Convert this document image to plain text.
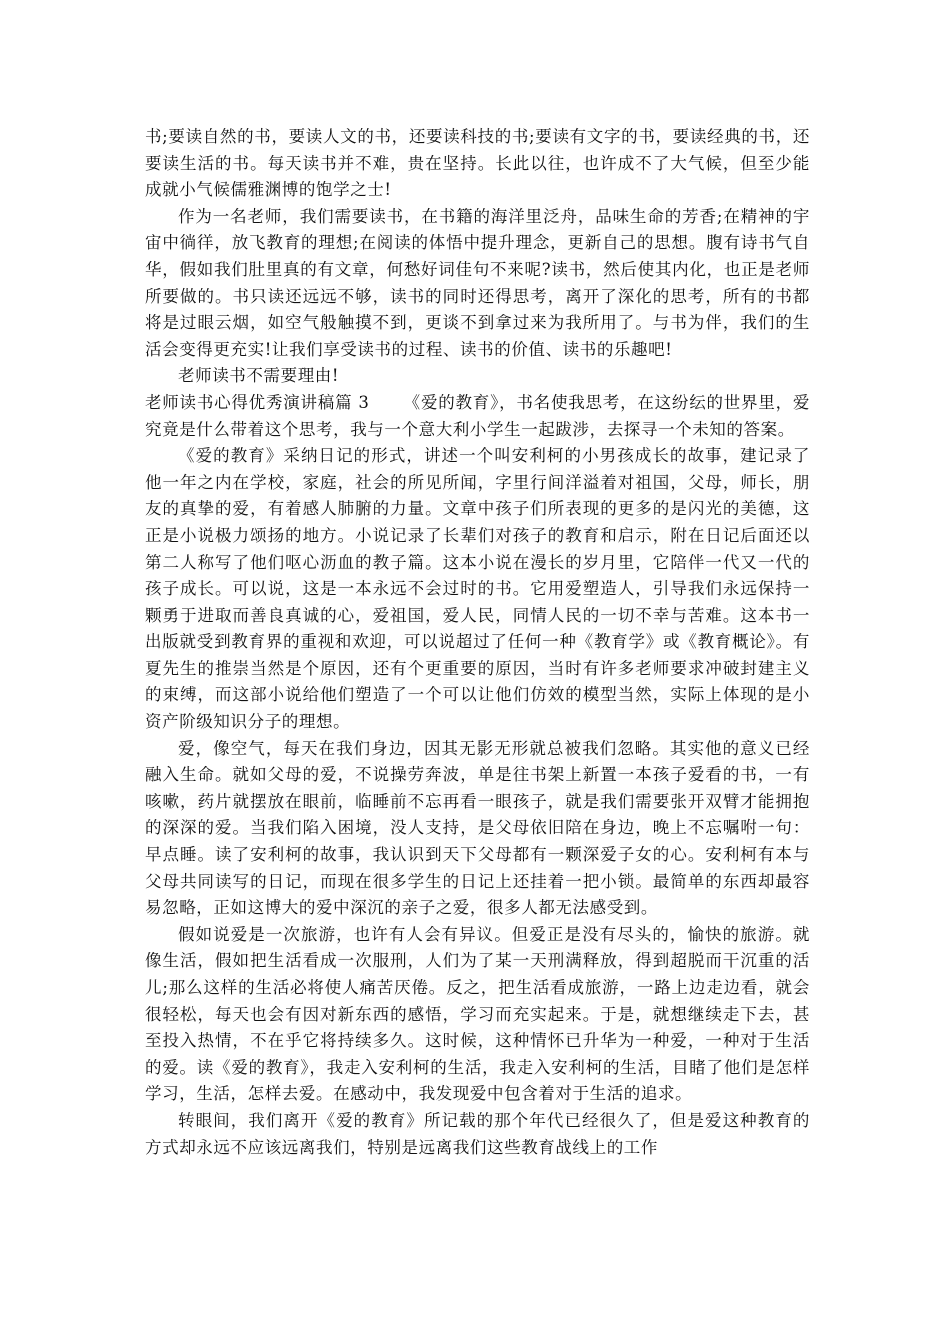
书;要读自然的书，要读人文的书，还要读科技的书;要读有文字的书，要读经典的书，还要读生活的书。每天读书并不难，贵在坚持。长此以往，也许成不了大气候，但至少能成就小气候儒雅渊博的饱学之士!

作为一名老师，我们需要读书，在书籍的海洋里泛舟，品味生命的芳香;在精神的宇宙中徜徉，放飞教育的理想;在阅读的体悟中提升理念，更新自己的思想。腹有诗书气自华，假如我们肚里真的有文章，何愁好词佳句不来呢?读书，然后使其内化，也正是老师所要做的。书只读还远远不够，读书的同时还得思考，离开了深化的思考，所有的书都将是过眼云烟，如空气般触摸不到，更谈不到拿过来为我所用了。与书为伴，我们的生活会变得更充实!让我们享受读书的过程、读书的价值、读书的乐趣吧!

老师读书不需要理由!

老师读书心得优秀演讲稿篇 3 《爱的教育》，书名使我思考，在这纷纭的世界里，爱究竟是什么带着这个思考，我与一个意大利小学生一起跋涉，去探寻一个未知的答案。

《爱的教育》采纳日记的形式，讲述一个叫安利柯的小男孩成长的故事，建记录了他一年之内在学校，家庭，社会的所见所闻，字里行间洋溢着对祖国，父母，师长，朋友的真挚的爱，有着感人肺腑的力量。文章中孩子们所表现的更多的是闪光的美德，这正是小说极力颂扬的地方。小说记录了长辈们对孩子的教育和启示，附在日记后面还以第二人称写了他们呕心沥血的教子篇。这本小说在漫长的岁月里，它陪伴一代又一代的孩子成长。可以说，这是一本永远不会过时的书。它用爱塑造人，引导我们永远保持一颗勇于进取而善良真诚的心，爱祖国，爱人民，同情人民的一切不幸与苦难。这本书一出版就受到教育界的重视和欢迎，可以说超过了任何一种《教育学》或《教育概论》。有夏先生的推崇当然是个原因，还有个更重要的原因，当时有许多老师要求冲破封建主义的束缚，而这部小说给他们塑造了一个可以让他们仿效的模型当然，实际上体现的是小资产阶级知识分子的理想。

爱，像空气，每天在我们身边，因其无影无形就总被我们忽略。其实他的意义已经融入生命。就如父母的爱，不说操劳奔波，单是往书架上新置一本孩子爱看的书，一有咳嗽，药片就摆放在眼前，临睡前不忘再看一眼孩子，就是我们需要张开双臂才能拥抱的深深的爱。当我们陷入困境，没人支持，是父母依旧陪在身边，晚上不忘嘱咐一句：早点睡。读了安利柯的故事，我认识到天下父母都有一颗深爱子女的心。安利柯有本与父母共同读写的日记，而现在很多学生的日记上还挂着一把小锁。最简单的东西却最容易忽略，正如这博大的爱中深沉的亲子之爱，很多人都无法感受到。

假如说爱是一次旅游，也许有人会有异议。但爱正是没有尽头的，愉快的旅游。就像生活，假如把生活看成一次服刑，人们为了某一天刑满释放，得到超脱而干沉重的活儿;那么这样的生活必将使人痛苦厌倦。反之，把生活看成旅游，一路上边走边看，就会很轻松，每天也会有因对新东西的感悟，学习而充实起来。于是，就想继续走下去，甚至投入热情，不在乎它将持续多久。这时候，这种情怀已升华为一种爱，一种对于生活的爱。读《爱的教育》，我走入安利柯的生活，我走入安利柯的生活，目睹了他们是怎样学习，生活，怎样去爱。在感动中，我发现爱中包含着对于生活的追求。

转眼间，我们离开《爱的教育》所记载的那个年代已经很久了，但是爱这种教育的方式却永远不应该远离我们，特别是远离我们这些教育战线上的工作
